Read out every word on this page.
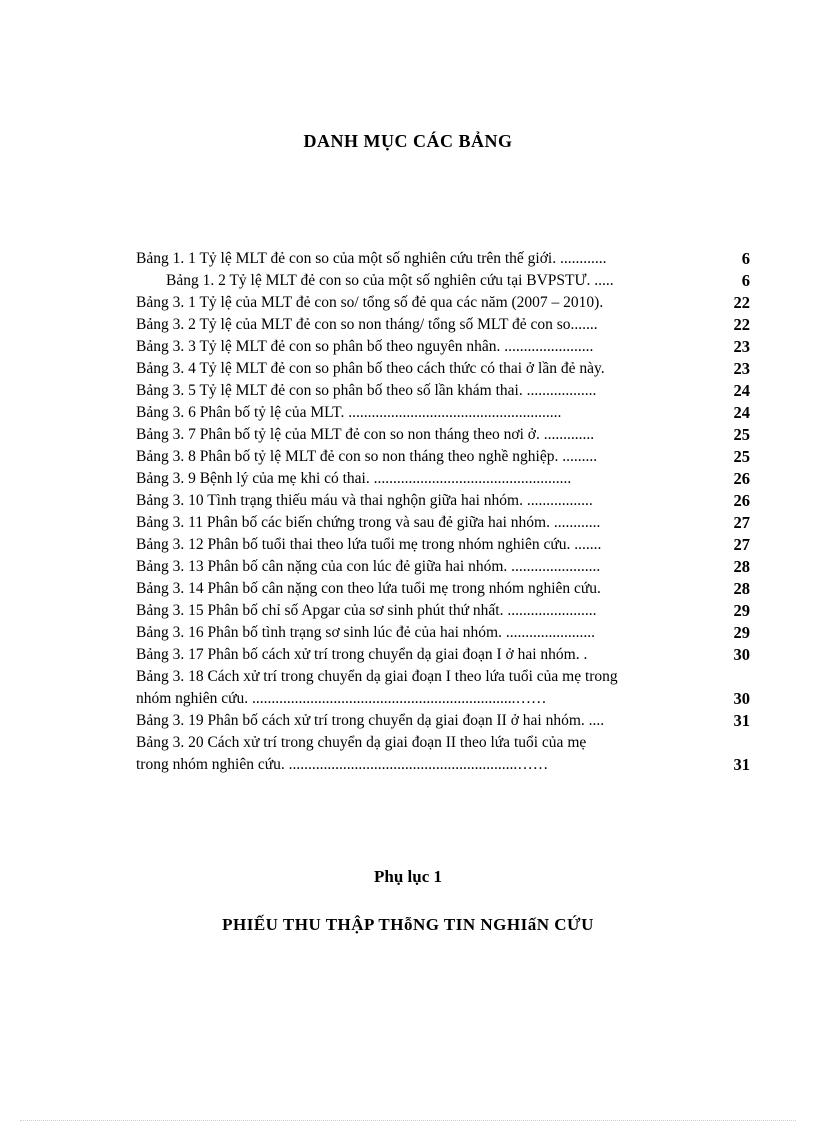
DANH MỤC CÁC BẢNG
Bảng 1. 1 Tỷ lệ MLT đẻ con so của một số nghiên cứu trên thế giới. ............	6
Bảng 1. 2 Tỷ lệ MLT đẻ con so của một số nghiên cứu tại BVPSTƯ. .....	6
Bảng 3. 1 Tỷ lệ của MLT đẻ con so/ tổng số đẻ qua các năm (2007 – 2010).	22
Bảng 3. 2 Tỷ lệ của MLT đẻ con so non tháng/ tổng số MLT đẻ con so.......	22
Bảng 3. 3 Tỷ lệ MLT đẻ con so phân bố theo nguyên nhân. .......................	23
Bảng 3. 4 Tỷ lệ MLT đẻ con so phân bố theo cách thức có thai ở lần đẻ này.	23
Bảng 3. 5 Tỷ lệ MLT đẻ con so phân bố theo số lần khám thai. ..................	24
Bảng 3. 6 Phân bố tỷ lệ của MLT. .......................................................	24
Bảng 3. 7 Phân bố tỷ lệ của MLT đẻ con so non tháng theo nơi ở. .............	25
Bảng 3. 8 Phân bố tỷ lệ MLT đẻ con so non tháng theo nghề nghiệp. .........	25
Bảng 3. 9 Bệnh lý của mẹ khi có thai. ...................................................	26
Bảng 3. 10 Tình trạng thiếu máu và thai nghộn giữa hai nhóm. .................	26
Bảng 3. 11 Phân bố các biến chứng trong và sau đẻ giữa hai nhóm. ............	27
Bảng 3. 12 Phân bố tuổi thai theo lứa tuổi mẹ trong nhóm nghiên cứu. .......	27
Bảng 3. 13 Phân bố cân nặng của con lúc đẻ giữa hai nhóm. .......................	28
Bảng 3. 14 Phân bố cân nặng con theo lứa tuổi mẹ trong nhóm nghiên cứu.	28
Bảng 3. 15 Phân bố chỉ số Apgar của sơ sinh phút thứ nhất. .......................	29
Bảng 3. 16 Phân bố tình trạng sơ sinh lúc đẻ của hai nhóm. .......................	29
Bảng 3. 17 Phân bố cách xử trí trong chuyển dạ giai đoạn I ở hai nhóm. .	30
Bảng 3. 18 Cách xử trí trong chuyển dạ giai đoạn I theo lứa tuổi của mẹ trong
nhóm nghiên cứu. ....................................................................……	30
Bảng 3. 19 Phân bố cách xử trí trong chuyển dạ giai đoạn II ở hai nhóm. ....	31
Bảng 3. 20 Cách xử trí trong chuyển dạ giai đoạn II theo lứa tuổi của mẹ
trong nhóm nghiên cứu. ...........................................................……	31
Phụ lục 1
PHIẾU THU THẬP THỗNG TIN NGHIấN CỨU
